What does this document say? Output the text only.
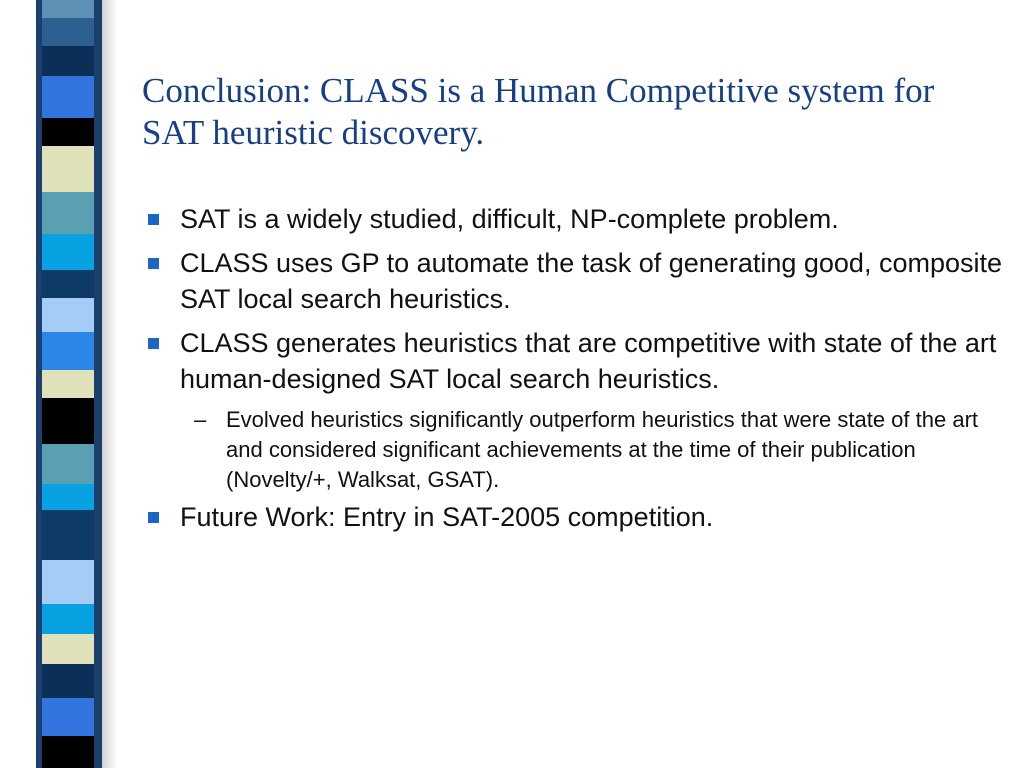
Conclusion: CLASS is a Human Competitive system for SAT heuristic discovery.
SAT is a widely studied, difficult, NP-complete problem.
CLASS uses GP to automate the task of generating good, composite SAT local search heuristics.
CLASS generates heuristics that are competitive with state of the art human-designed SAT local search heuristics.
– Evolved heuristics significantly outperform heuristics that were state of the art and considered significant achievements at the time of their publication (Novelty/+, Walksat, GSAT).
Future Work: Entry in SAT-2005 competition.
